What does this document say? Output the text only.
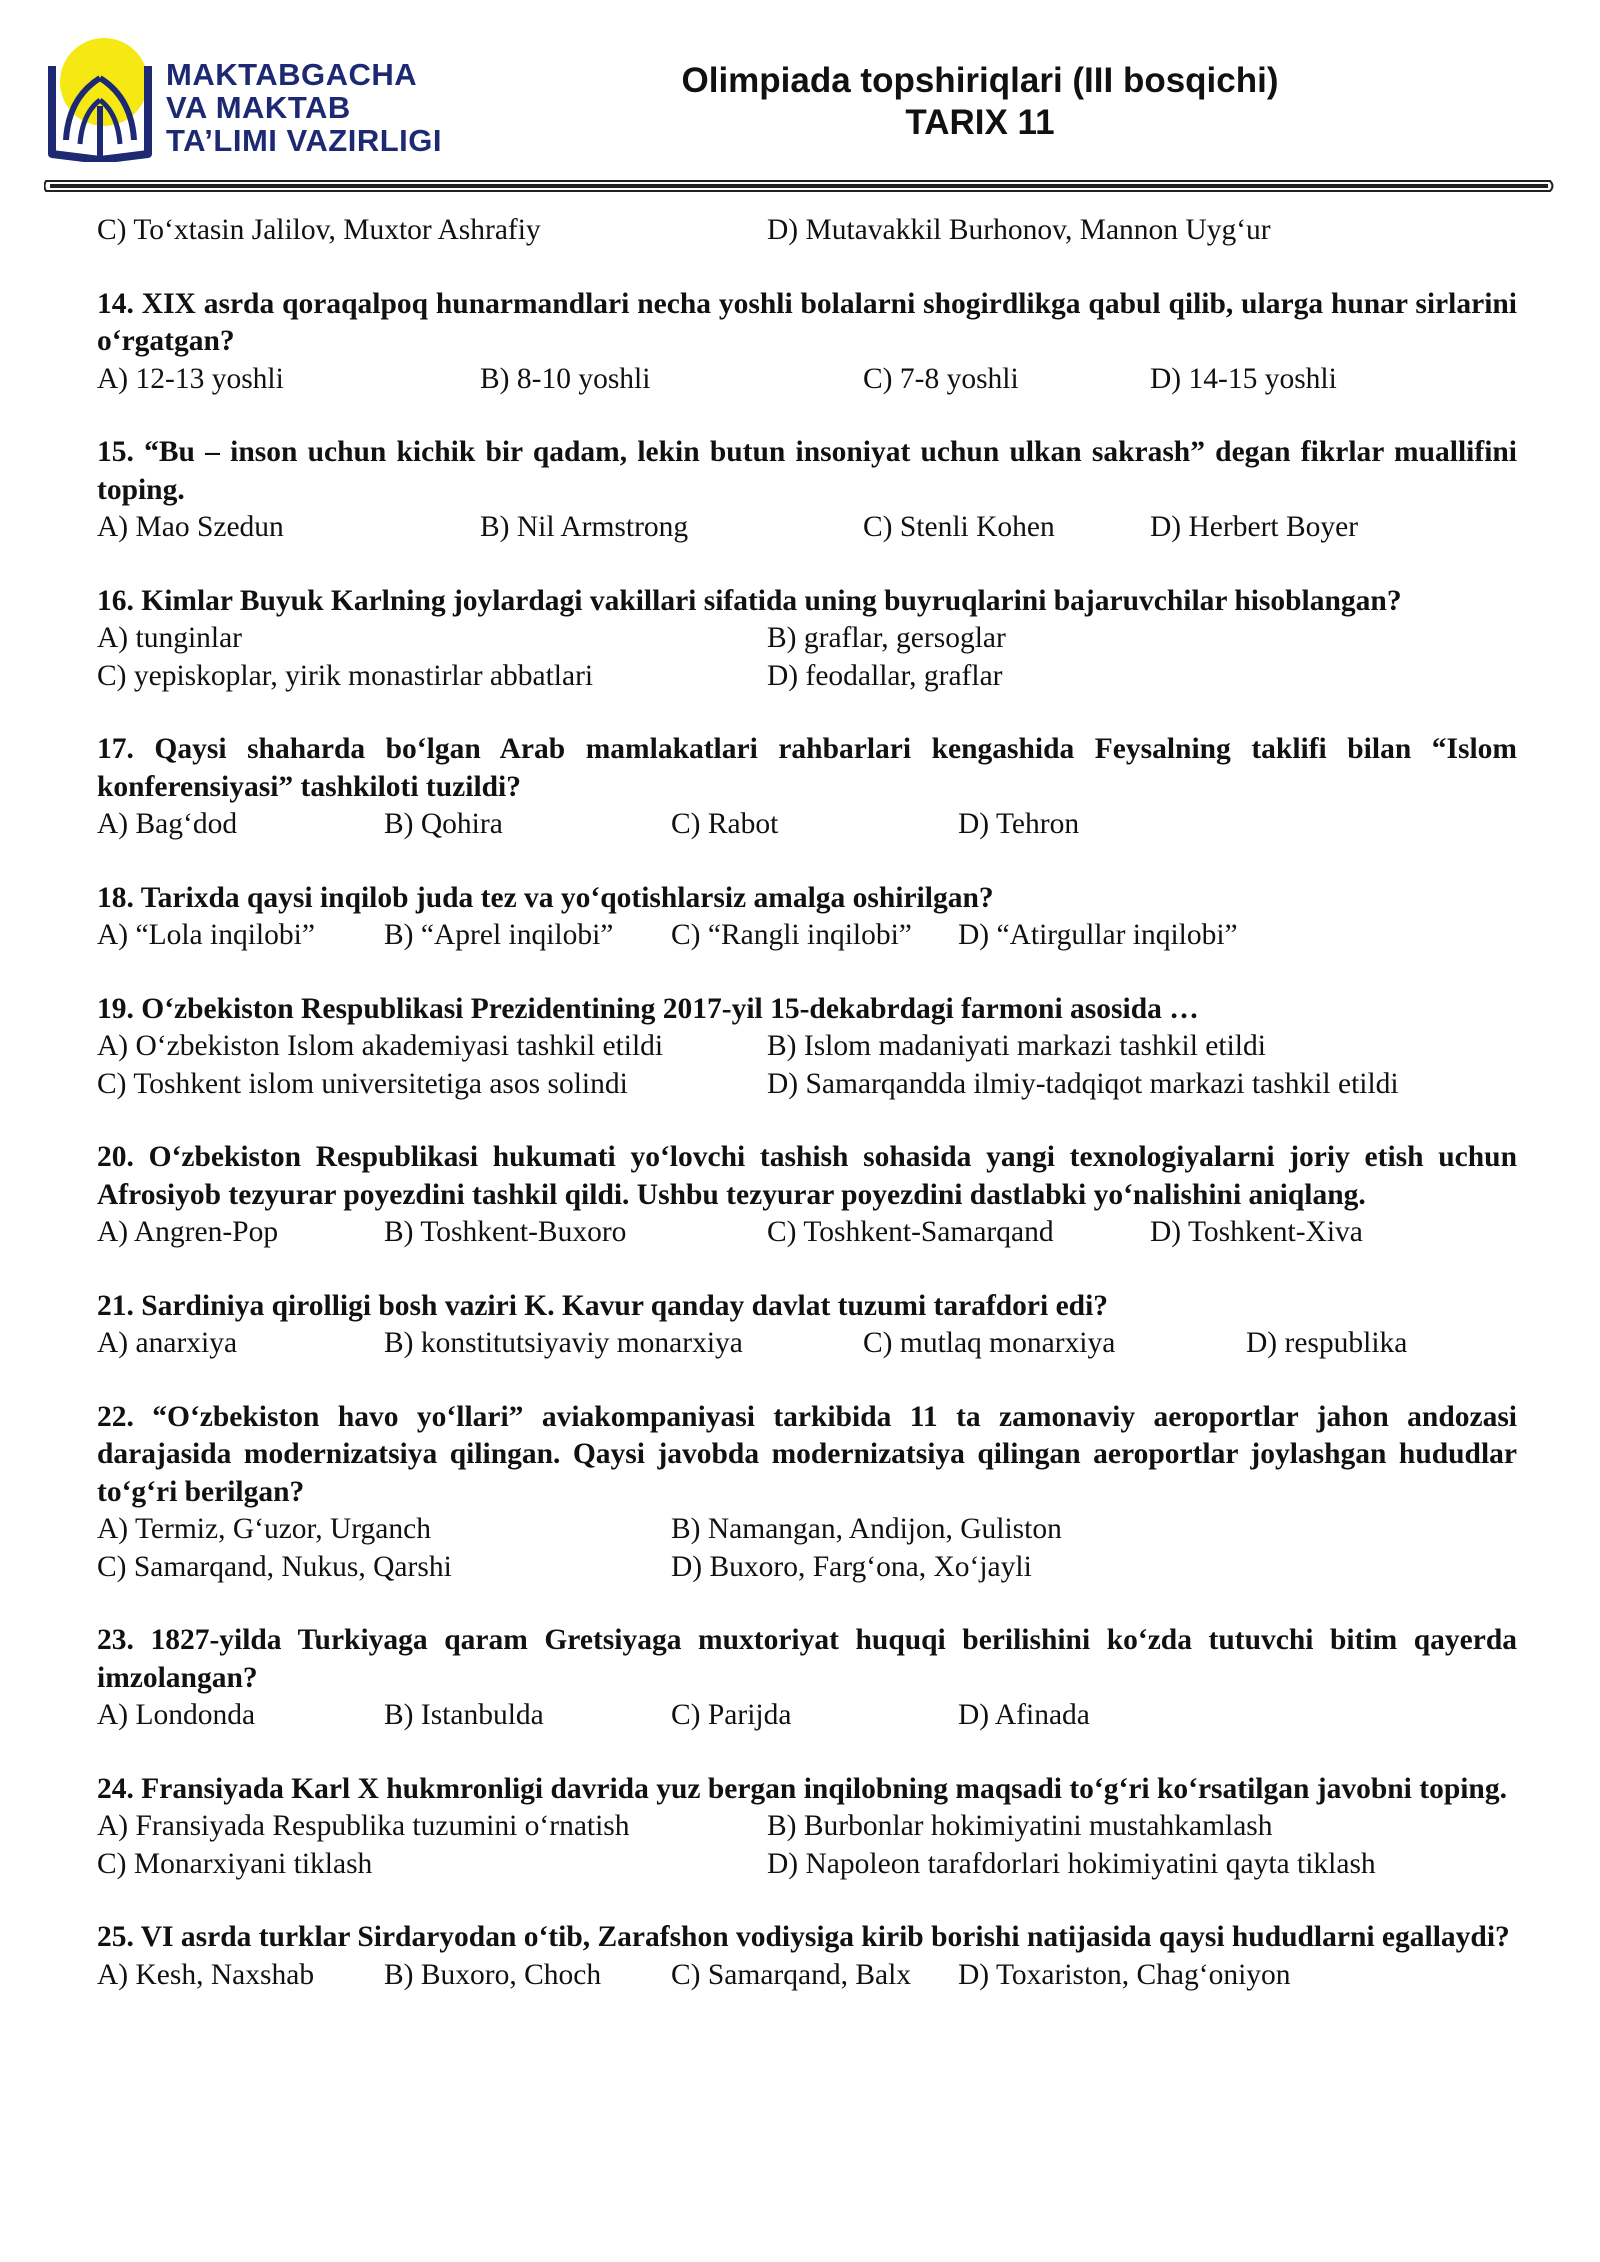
MAKTABGACHA
VA MAKTAB
TA’LIMI VAZIRLIGI
Olimpiada topshiriqlari (III bosqichi)
TARIX 11
C) To‘xtasin Jalilov, Muxtor Ashrafiy	D) Mutavakkil Burhonov, Mannon Uyg‘ur
14. XIX asrda qoraqalpoq hunarmandlari necha yoshli bolalarni shogirdlikga qabul qilib, ularga hunar sirlarini o‘rgatgan?
A) 12-13 yoshli	B) 8-10 yoshli	C) 7-8 yoshli	D) 14-15 yoshli
15. “Bu – inson uchun kichik bir qadam, lekin butun insoniyat uchun ulkan sakrash” degan fikrlar muallifini toping.
A) Mao Szedun	B) Nil Armstrong	C) Stenli Kohen	D) Herbert Boyer
16. Kimlar Buyuk Karlning joylardagi vakillari sifatida uning buyruqlarini bajaruvchilar hisoblangan?
A) tunginlar	B) graflar, gersoglar
C) yepiskoplar, yirik monastirlar abbatlari	D) feodallar, graflar
17. Qaysi shaharda bo‘lgan Arab mamlakatlari rahbarlari kengashida Feysalning taklifi bilan “Islom konferensiyasi” tashkiloti tuzildi?
A) Bag‘dod	B) Qohira	C) Rabot	D) Tehron
18. Tarixda qaysi inqilob juda tez va yo‘qotishlarsiz amalga oshirilgan?
A) “Lola inqilobi”	B) “Aprel inqilobi”	C) “Rangli inqilobi”	D) “Atirgullar inqilobi”
19. O‘zbekiston Respublikasi Prezidentining 2017-yil 15-dekabrdagi farmoni asosida …
A) O‘zbekiston Islom akademiyasi tashkil etildi	B) Islom madaniyati markazi tashkil etildi
C) Toshkent islom universitetiga asos solindi	D) Samarqandda ilmiy-tadqiqot markazi tashkil etildi
20. O‘zbekiston Respublikasi hukumati yo‘lovchi tashish sohasida yangi texnologiyalarni joriy etish uchun Afrosiyob tezyurar poyezdini tashkil qildi. Ushbu tezyurar poyezdini dastlabki yo‘nalishini aniqlang.
A) Angren-Pop	B) Toshkent-Buxoro	C) Toshkent-Samarqand	D) Toshkent-Xiva
21. Sardiniya qirolligi bosh vaziri K. Kavur qanday davlat tuzumi tarafdori edi?
A) anarxiya	B) konstitutsiyaviy monarxiya	C) mutlaq monarxiya	D) respublika
22. “O‘zbekiston havo yo‘llari” aviakompaniyasi tarkibida 11 ta zamonaviy aeroportlar jahon andozasi darajasida modernizatsiya qilingan. Qaysi javobda modernizatsiya qilingan aeroportlar joylashgan hududlar to‘g‘ri berilgan?
A) Termiz, G‘uzor, Urganch	B) Namangan, Andijon, Guliston
C) Samarqand, Nukus, Qarshi	D) Buxoro, Farg‘ona, Xo‘jayli
23. 1827-yilda Turkiyaga qaram Gretsiyaga muxtoriyat huquqi berilishini ko‘zda tutuvchi bitim qayerda imzolangan?
A) Londonda	B) Istanbulda	C) Parijda	D) Afinada
24. Fransiyada Karl X hukmronligi davrida yuz bergan inqilobning maqsadi to‘g‘ri ko‘rsatilgan javobni toping.
A) Fransiyada Respublika tuzumini o‘rnatish	B) Burbonlar hokimiyatini mustahkamlash
C) Monarxiyani tiklash	D) Napoleon tarafdorlari hokimiyatini qayta tiklash
25. VI asrda turklar Sirdaryodan o‘tib, Zarafshon vodiysiga kirib borishi natijasida qaysi hududlarni egallaydi?
A) Kesh, Naxshab	B) Buxoro, Choch	C) Samarqand, Balx	D) Toxariston, Chag‘oniyon
